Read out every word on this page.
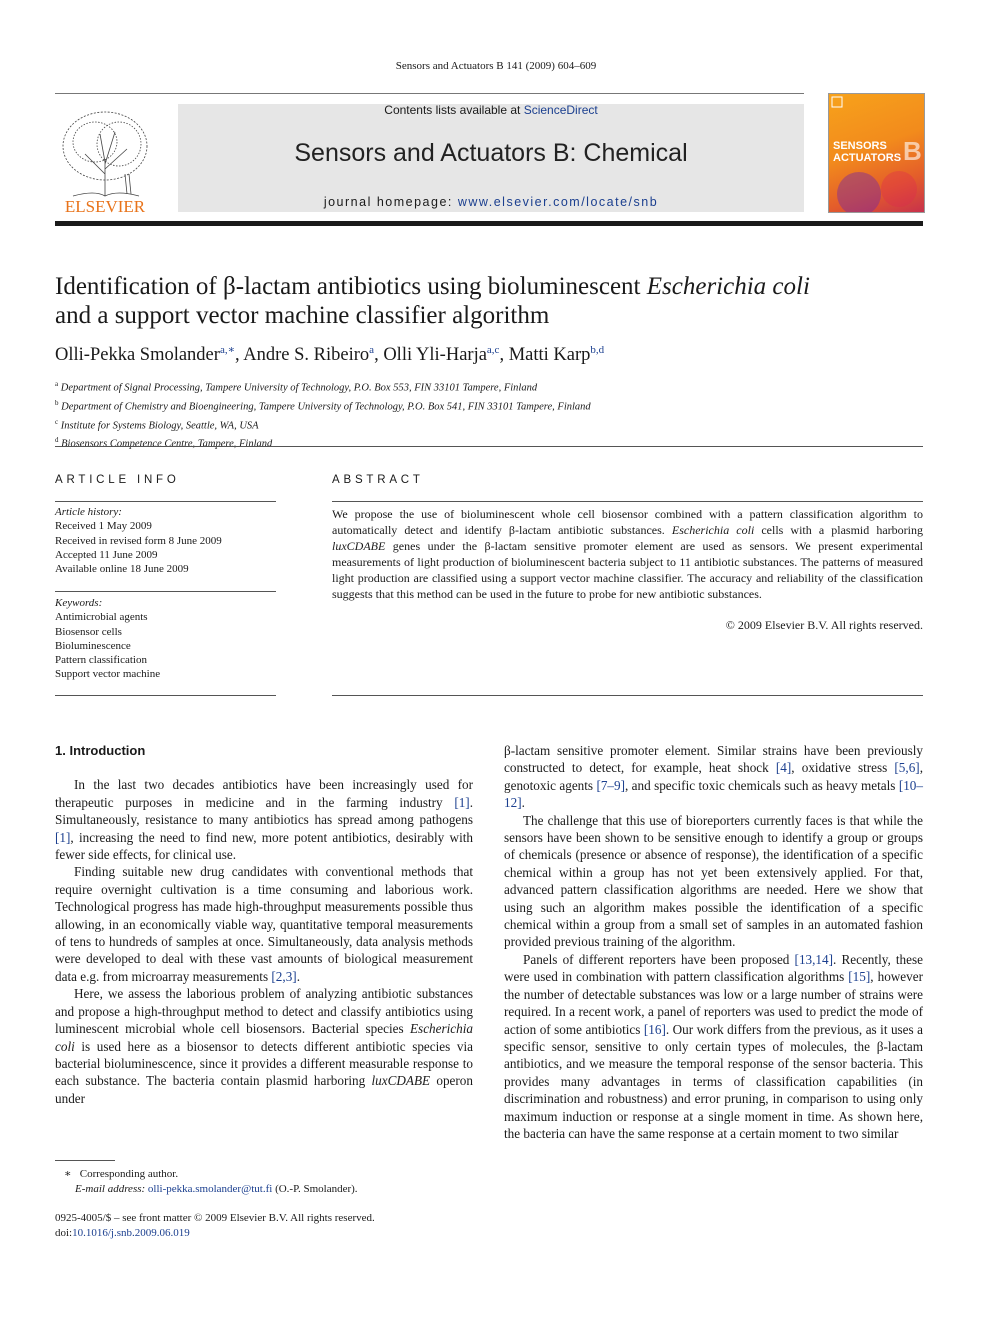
Sensors and Actuators B 141 (2009) 604–609
ELSEVIER
Contents lists available at ScienceDirect
Sensors and Actuators B: Chemical
journal homepage: www.elsevier.com/locate/snb
SENSORS
ACTUATORS B
Identification of β-lactam antibiotics using bioluminescent Escherichia coli
and a support vector machine classifier algorithm
Olli-Pekka Smolander$^{a,∗}$, Andre S. Ribeiro$^a$, Olli Yli-Harja$^{a,c}$, Matti Karp$^{b,d}$
$^a$ Department of Signal Processing, Tampere University of Technology, P.O. Box 553, FIN 33101 Tampere, Finland
$^b$ Department of Chemistry and Bioengineering, Tampere University of Technology, P.O. Box 541, FIN 33101 Tampere, Finland
$^c$ Institute for Systems Biology, Seattle, WA, USA
$^d$ Biosensors Competence Centre, Tampere, Finland
ARTICLE INFO
Article history:
Received 1 May 2009
Received in revised form 8 June 2009
Accepted 11 June 2009
Available online 18 June 2009
Keywords:
Antimicrobial agents
Biosensor cells
Bioluminescence
Pattern classification
Support vector machine
ABSTRACT
We propose the use of bioluminescent whole cell biosensor combined with a pattern classification algorithm to automatically detect and identify β-lactam antibiotic substances. Escherichia coli cells with a plasmid harboring luxCDABE genes under the β-lactam sensitive promoter element are used as sensors. We present experimental measurements of light production of bioluminescent bacteria subject to 11 antibiotic substances. The patterns of measured light production are classified using a support vector machine classifier. The accuracy and reliability of the classification suggests that this method can be used in the future to probe for new antibiotic substances.
© 2009 Elsevier B.V. All rights reserved.

1. Introduction

In the last two decades antibiotics have been increasingly used for therapeutic purposes in medicine and in the farming industry [1]. Simultaneously, resistance to many antibiotics has spread among pathogens [1], increasing the need to find new, more potent antibiotics, desirably with fewer side effects, for clinical use.

Finding suitable new drug candidates with conventional methods that require overnight cultivation is a time consuming and laborious work. Technological progress has made high-throughput measurements possible thus allowing, in an economically viable way, quantitative temporal measurements of tens to hundreds of samples at once. Simultaneously, data analysis methods were developed to deal with these vast amounts of biological measurement data e.g. from microarray measurements [2,3].

Here, we assess the laborious problem of analyzing antibiotic substances and propose a high-throughput method to detect and classify antibiotics using luminescent microbial whole cell biosensors. Bacterial species Escherichia coli is used here as a biosensor to detects different antibiotic species via bacterial bioluminescence, since it provides a different measurable response to each substance. The bacteria contain plasmid harboring luxCDABE operon under

β-lactam sensitive promoter element. Similar strains have been previously constructed to detect, for example, heat shock [4], oxidative stress [5,6], genotoxic agents [7–9], and specific toxic chemicals such as heavy metals [10–12].

The challenge that this use of bioreporters currently faces is that while the sensors have been shown to be sensitive enough to identify a group or groups of chemicals (presence or absence of response), the identification of a specific chemical within a group has not yet been extensively applied. For that, advanced pattern classification algorithms are needed. Here we show that using such an algorithm makes possible the identification of a specific chemical within a group from a small set of samples in an automated fashion provided previous training of the algorithm.

Panels of different reporters have been proposed [13,14]. Recently, these were used in combination with pattern classification algorithms [15], however the number of detectable substances was low or a large number of strains were required. In a recent work, a panel of reporters was used to predict the mode of action of some antibiotics [16]. Our work differs from the previous, as it uses a specific sensor, sensitive to only certain types of molecules, the β-lactam antibiotics, and we measure the temporal response of the sensor bacteria. This provides many advantages in terms of classification capabilities (in discrimination and robustness) and error pruning, in comparison to using only maximum induction or response at a single moment in time. As shown here, the bacteria can have the same response at a certain moment to two similar

∗ Corresponding author.
E-mail address: olli-pekka.smolander@tut.fi (O.-P. Smolander).
0925-4005/$ – see front matter © 2009 Elsevier B.V. All rights reserved.
doi:10.1016/j.snb.2009.06.019
